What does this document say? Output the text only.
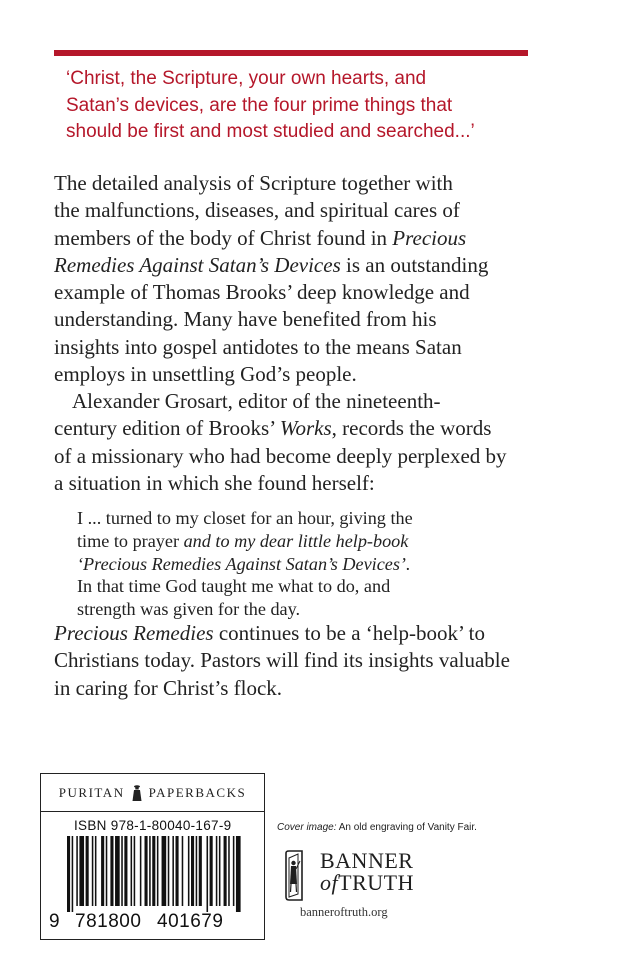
‘Christ, the Scripture, your own hearts, and
Satan’s devices, are the four prime things that
should be first and most studied and searched...’
The detailed analysis of Scripture together with
the malfunctions, diseases, and spiritual cares of
members of the body of Christ found in Precious
Remedies Against Satan’s Devices is an outstanding
example of Thomas Brooks’ deep knowledge and
understanding. Many have benefited from his
insights into gospel antidotes to the means Satan
employs in unsettling God’s people.
Alexander Grosart, editor of the nineteenth-
century edition of Brooks’ Works, records the words
of a missionary who had become deeply perplexed by
a situation in which she found herself:
I ... turned to my closet for an hour, giving the
time to prayer and to my dear little help-book
‘Precious Remedies Against Satan’s Devices’.
In that time God taught me what to do, and
strength was given for the day.
Precious Remedies continues to be a ‘help-book’ to
Christians today. Pastors will find its insights valuable
in caring for Christ’s flock.
PURITAN PAPERBACKS
ISBN 978-1-80040-167-9
9 781800 401679
Cover image: An old engraving of Vanity Fair.
BANNER
ofTRUTH
banneroftruth.org
